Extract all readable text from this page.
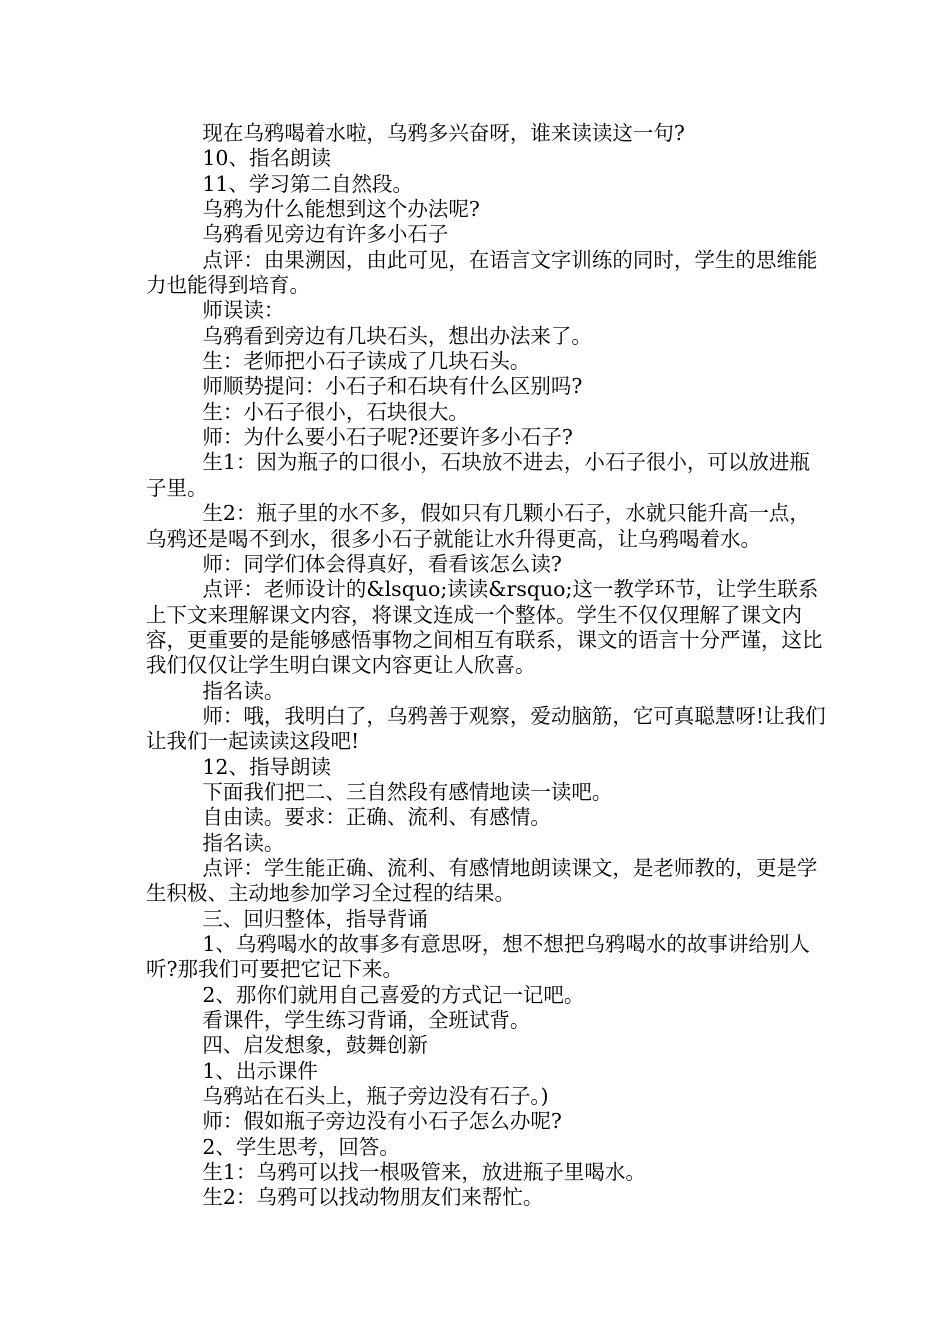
现在乌鸦喝着水啦，乌鸦多兴奋呀，谁来读读这一句?

10、指名朗读

11、学习第二自然段。

乌鸦为什么能想到这个办法呢?

乌鸦看见旁边有许多小石子

点评：由果溯因，由此可见，在语言文字训练的同时，学生的思维能力也能得到培育。

师误读：

乌鸦看到旁边有几块石头，想出办法来了。

生：老师把小石子读成了几块石头。

师顺势提问：小石子和石块有什么区别吗?

生：小石子很小，石块很大。

师：为什么要小石子呢?还要许多小石子?

生1：因为瓶子的口很小，石块放不进去，小石子很小，可以放进瓶子里。

生2：瓶子里的水不多，假如只有几颗小石子，水就只能升高一点，乌鸦还是喝不到水，很多小石子就能让水升得更高，让乌鸦喝着水。

师：同学们体会得真好，看看该怎么读?

点评：老师设计的&lsquo;读读&rsquo;这一教学环节，让学生联系上下文来理解课文内容，将课文连成一个整体。学生不仅仅理解了课文内容，更重要的是能够感悟事物之间相互有联系，课文的语言十分严谨，这比我们仅仅让学生明白课文内容更让人欣喜。

指名读。

师：哦，我明白了，乌鸦善于观察，爱动脑筋，它可真聪慧呀!让我们让我们一起读读这段吧!

12、指导朗读

下面我们把二、三自然段有感情地读一读吧。

自由读。要求：正确、流利、有感情。

指名读。

点评：学生能正确、流利、有感情地朗读课文，是老师教的，更是学生积极、主动地参加学习全过程的结果。

三、回归整体，指导背诵

1、乌鸦喝水的故事多有意思呀，想不想把乌鸦喝水的故事讲给别人听?那我们可要把它记下来。

2、那你们就用自己喜爱的方式记一记吧。

看课件，学生练习背诵，全班试背。

四、启发想象，鼓舞创新

1、出示课件

乌鸦站在石头上，瓶子旁边没有石子。)

师：假如瓶子旁边没有小石子怎么办呢?

2、学生思考，回答。

生1：乌鸦可以找一根吸管来，放进瓶子里喝水。

生2：乌鸦可以找动物朋友们来帮忙。
